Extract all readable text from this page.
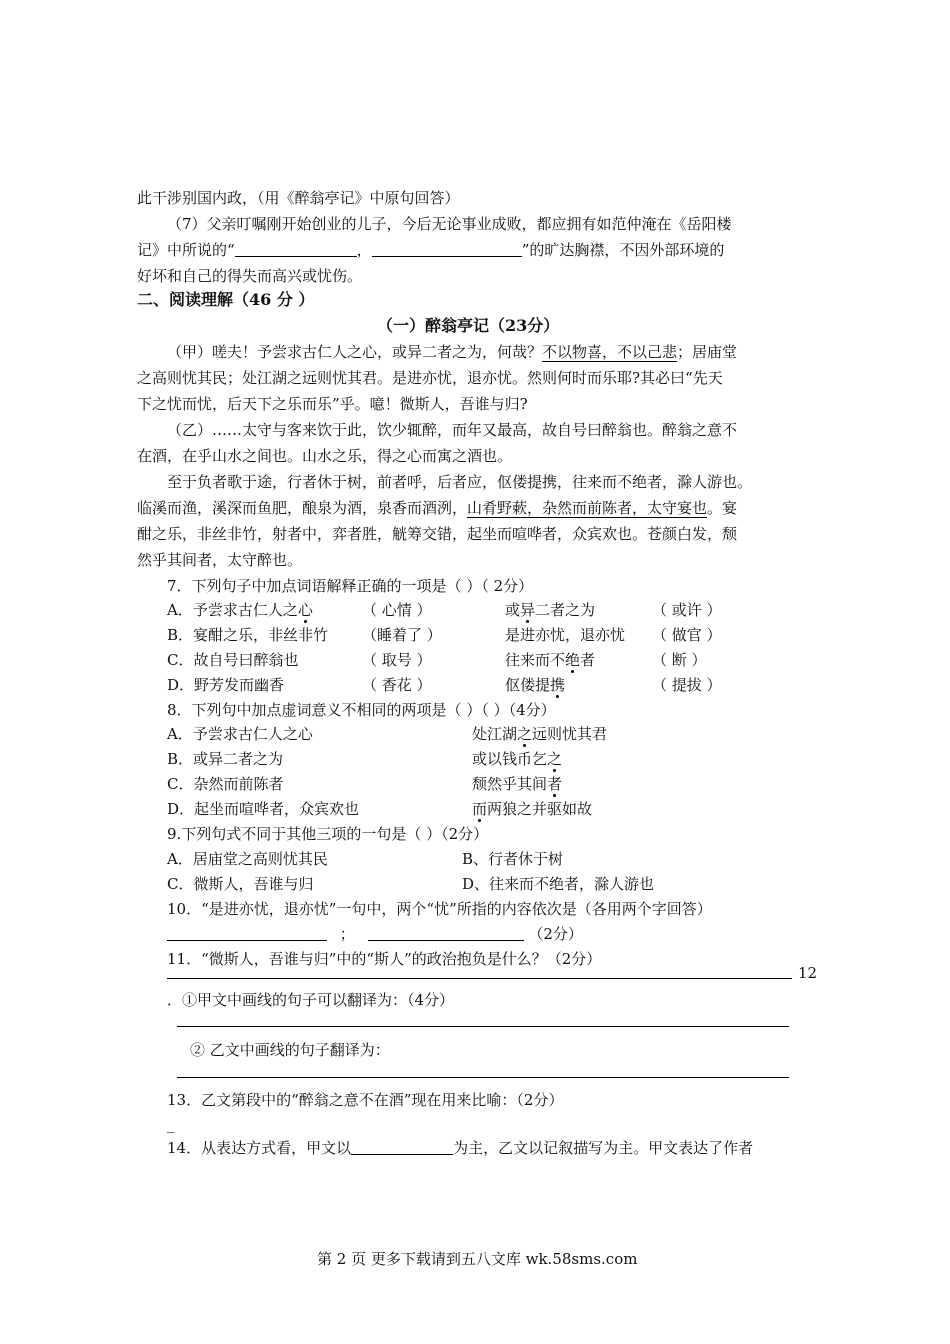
此干涉别国内政，（用《醉翁亭记》中原句回答）
（7）父亲叮嘱刚开始创业的儿子，今后无论事业成败，都应拥有如范仲淹在《岳阳楼
记》中所说的“	，	”的旷达胸襟，不因外部环境的
好坏和自己的得失而高兴或忧伤。
二、阅读理解（46 分 ）
（一）醉翁亭记（23分）
（甲）嗟夫！予尝求古仁人之心，或异二者之为，何哉？不以物喜，不以己悲；居庙堂
之高则忧其民；处江湖之远则忧其君。是进亦忧，退亦忧。然则何时而乐耶?其必曰“先天
下之忧而忧，后天下之乐而乐”乎。噫！微斯人，吾谁与归?
（乙）……太守与客来饮于此，饮少辄醉，而年又最高，故自号曰醉翁也。醉翁之意不
在酒，在乎山水之间也。山水之乐，得之心而寓之酒也。
至于负者歌于途，行者休于树，前者呼，后者应，伛偻提携，往来而不绝者，滁人游也。
临溪而渔，溪深而鱼肥，酿泉为酒，泉香而酒洌，山肴野蔌，杂然而前陈者，太守宴也。宴
酣之乐，非丝非竹，射者中，弈者胜，觥筹交错，起坐而喧哗者，众宾欢也。苍颜白发，颓
然乎其间者，太守醉也。
7．下列句子中加点词语解释正确的一项是（ ）（ 2分）
A．予尝求古仁人之心	（ 心情 ）	或异二者之为	（ 或许 ）
B．宴酣之乐，非丝非竹 （睡着了 ）	是进亦忧，退亦忧 （ 做官 ）
C．故自号曰醉翁也	（ 取号 ）	往来而不绝者	（ 断 ）
D．野芳发而幽香	（ 香花 ）	伛偻提携	（ 提拔 ）
8．下列句中加点虚词意义不相同的两项是（ ）（ ）（4分）
A．予尝求古仁人之心	处江湖之远则忧其君
B．或异二者之为	或以钱币乞之
C．杂然而前陈者	颓然乎其间者
D．起坐而喧哗者，众宾欢也	而两狼之并驱如故
9.下列句式不同于其他三项的一句是（ ）（2分）
A．居庙堂之高则忧其民	B、行者休于树
C．微斯人，吾谁与归	D、往来而不绝者，滁人游也
10．“是进亦忧，退亦忧”一句中，两个“忧”所指的内容依次是（各用两个字回答）
；	（2分）
11．“微斯人，吾谁与归”中的“斯人”的政治抱负是什么？（2分）
12
．①甲文中画线的句子可以翻译为：（4分）
② 乙文中画线的句子翻译为：
13．乙文第段中的“醉翁之意不在酒”现在用来比喻：（2分）
_
14．从表达方式看，甲文以	为主，乙文以记叙描写为主。甲文表达了作者
第 2 页 更多下载请到五八文库 wk.58sms.com
